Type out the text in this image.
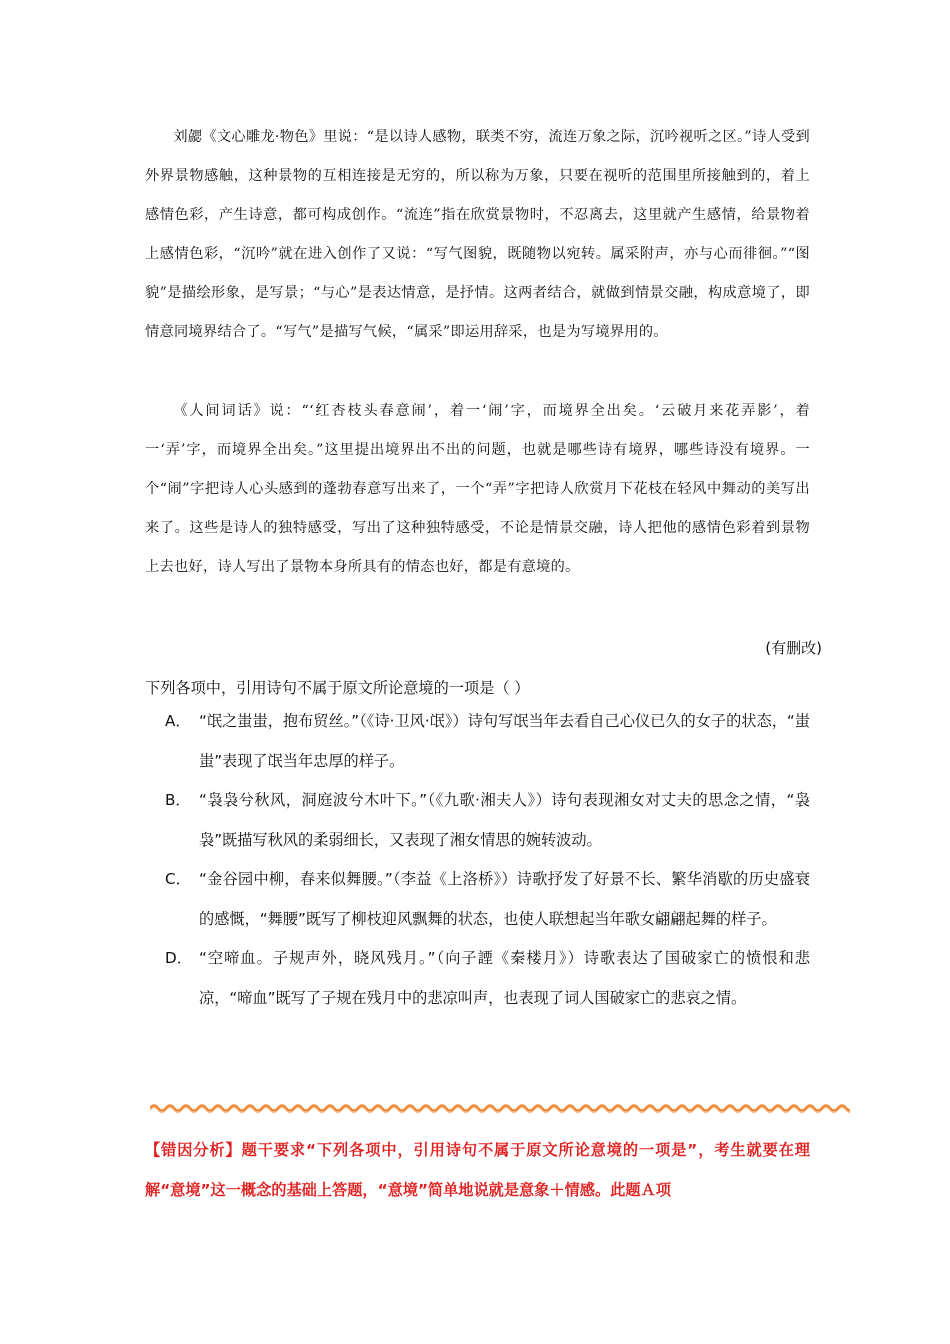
刘勰《文心雕龙·物色》里说：“是以诗人感物，联类不穷，流连万象之际，沉吟视听之区。”诗人受到外界景物感触，这种景物的互相连接是无穷的，所以称为万象，只要在视听的范围里所接触到的，着上感情色彩，产生诗意，都可构成创作。“流连”指在欣赏景物时，不忍离去，这里就产生感情，给景物着上感情色彩，“沉吟”就在进入创作了又说：“写气图貌，既随物以宛转。属采附声，亦与心而徘徊。”“图貌”是描绘形象，是写景；“与心”是表达情意，是抒情。这两者结合，就做到情景交融，构成意境了，即情意同境界结合了。“写气”是描写气候，“属采”即运用辞采，也是为写境界用的。

《人间词话》说：“‘红杏枝头春意闹’，着一‘闹’字，而境界全出矣。‘云破月来花弄影’，着一‘弄’字，而境界全出矣。”这里提出境界出不出的问题，也就是哪些诗有境界，哪些诗没有境界。一个“闹”字把诗人心头感到的蓬勃春意写出来了，一个“弄”字把诗人欣赏月下花枝在轻风中舞动的美写出来了。这些是诗人的独特感受，写出了这种独特感受，不论是情景交融，诗人把他的感情色彩着到景物上去也好，诗人写出了景物本身所具有的情态也好，都是有意境的。

(有删改)
下列各项中，引用诗句不属于原文所论意境的一项是（ ）
A． “氓之蚩蚩，抱布贸丝。”（《诗·卫风·氓》）诗句写氓当年去看自己心仪已久的女子的状态，“蚩蚩”表现了氓当年忠厚的样子。
B． “袅袅兮秋风，洞庭波兮木叶下。”（《九歌·湘夫人》）诗句表现湘女对丈夫的思念之情，“袅袅”既描写秋风的柔弱细长，又表现了湘女情思的婉转波动。
C． “金谷园中柳，春来似舞腰。”（李益《上洛桥》）诗歌抒发了好景不长、繁华消歇的历史盛衰的感慨，“舞腰”既写了柳枝迎风飘舞的状态，也使人联想起当年歌女翩翩起舞的样子。
D． “空啼血。子规声外，晓风残月。”（向子諲《秦楼月》）诗歌表达了国破家亡的愤恨和悲凉，“啼血”既写了子规在残月中的悲凉叫声，也表现了词人国破家亡的悲哀之情。
【错因分析】题干要求“下列各项中，引用诗句不属于原文所论意境的一项是”，考生就要在理解“意境”这一概念的基础上答题，“意境”简单地说就是意象＋情感。此题Ａ项
